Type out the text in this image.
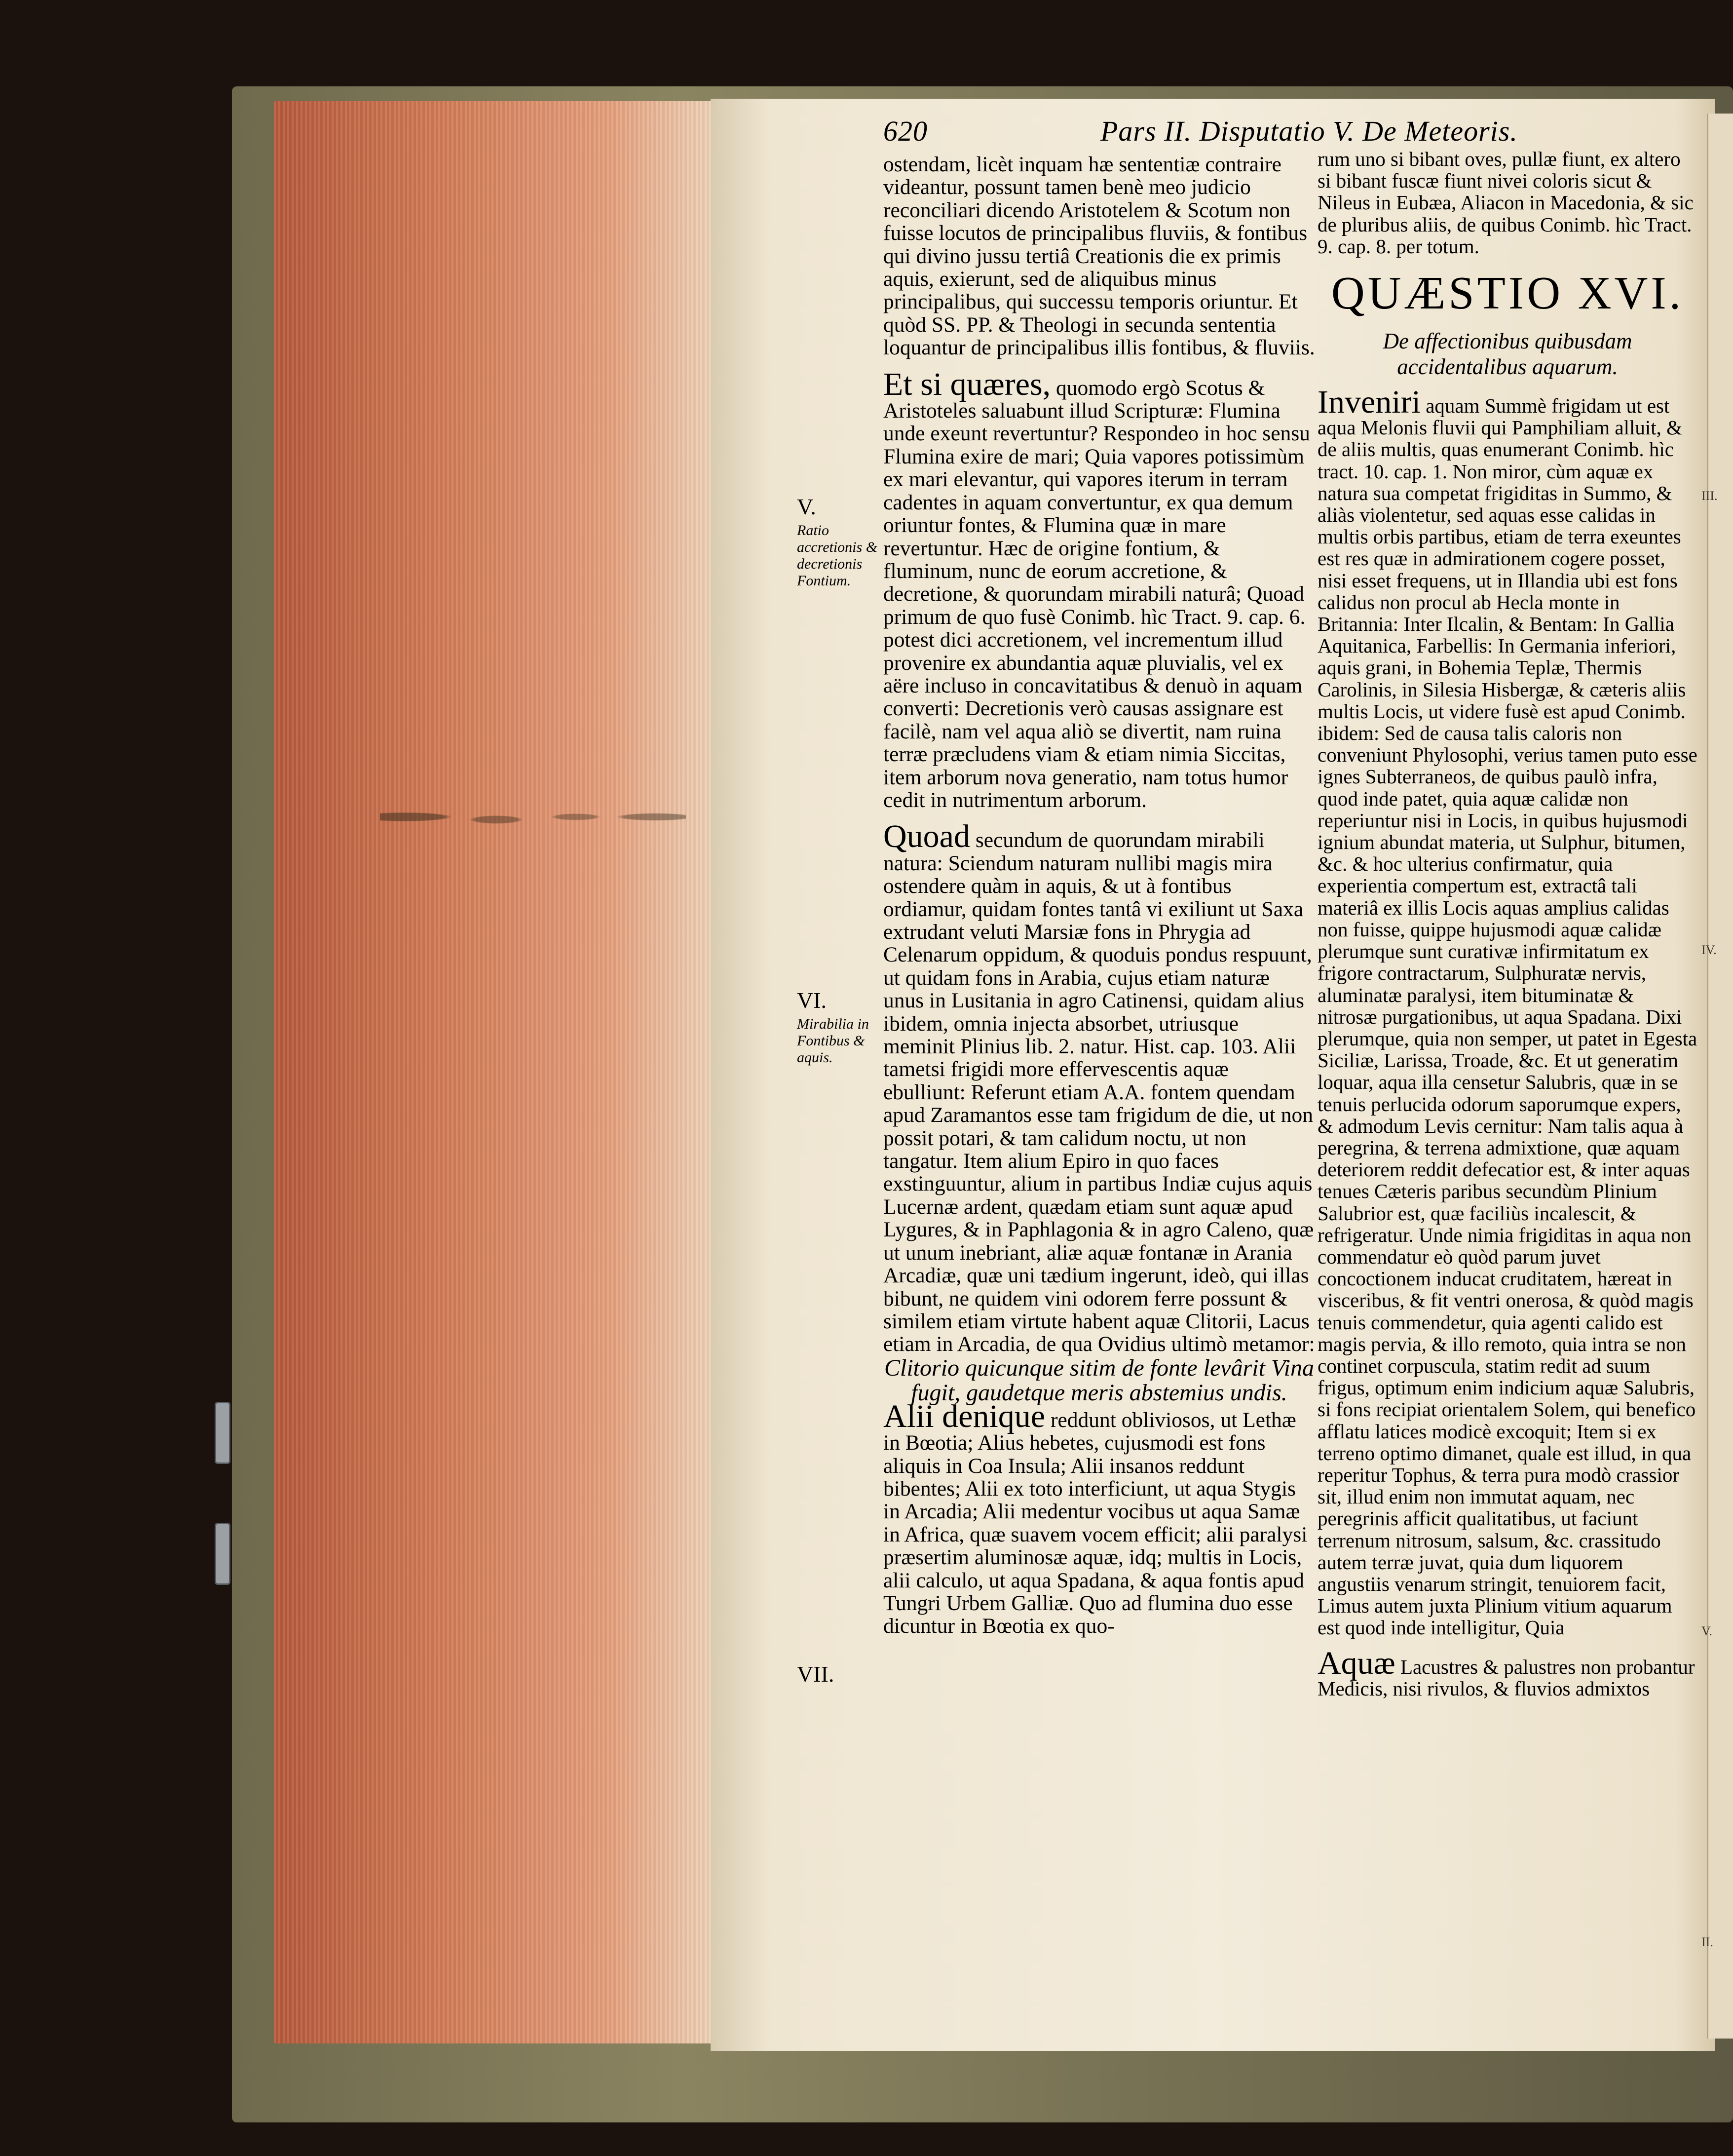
620	Pars II. Disputatio V. De Meteoris.
V.
Ratio accretionis & decretionis Fontium.
VI.
Mirabilia in Fontibus & aquis.
VII.
III.
IV.
V.
II.

ostendam, licèt inquam hæ sententiæ contraire videantur, possunt tamen benè meo judicio reconciliari dicendo Aristotelem & Scotum non fuisse locutos de principalibus fluviis, & fontibus qui divino jussu tertiâ Creationis die ex primis aquis, exierunt, sed de aliquibus minus principalibus, qui successu temporis oriuntur. Et quòd SS. PP. & Theologi in secunda sententia loquantur de principalibus illis fontibus, & fluviis.

Et si quæres, quomodo ergò Scotus & Aristoteles saluabunt illud Scripturæ: Flumina unde exeunt revertuntur? Respondeo in hoc sensu Flumina exire de mari; Quia vapores potissimùm ex mari elevantur, qui vapores iterum in terram cadentes in aquam convertuntur, ex qua demum oriuntur fontes, & Flumina quæ in mare revertuntur. Hæc de origine fontium, & fluminum, nunc de eorum accretione, & decretione, & quorundam mirabili naturâ; Quoad primum de quo fusè Conimb. hìc Tract. 9. cap. 6. potest dici accretionem, vel incrementum illud provenire ex abundantia aquæ pluvialis, vel ex aëre incluso in concavitatibus & denuò in aquam converti: Decretionis verò causas assignare est facilè, nam vel aqua aliò se divertit, nam ruina terræ præcludens viam & etiam nimia Siccitas, item arborum nova generatio, nam totus humor cedit in nutrimentum arborum.

Quoad secundum de quorundam mirabili natura: Sciendum naturam nullibi magis mira ostendere quàm in aquis, & ut à fontibus ordiamur, quidam fontes tantâ vi exiliunt ut Saxa extrudant veluti Marsiæ fons in Phrygia ad Celenarum oppidum, & quoduis pondus respuunt, ut quidam fons in Arabia, cujus etiam naturæ unus in Lusitania in agro Catinensi, quidam alius ibidem, omnia injecta absorbet, utriusque meminit Plinius lib. 2. natur. Hist. cap. 103. Alii tametsi frigidi more effervescentis aquæ ebulliunt: Referunt etiam A.A. fontem quendam apud Zaramantos esse tam frigidum de die, ut non possit potari, & tam calidum noctu, ut non tangatur. Item alium Epiro in quo faces exstinguuntur, alium in partibus Indiæ cujus aquis Lucernæ ardent, quædam etiam sunt aquæ apud Lygures, & in Paphlagonia & in agro Caleno, quæ ut unum inebriant, aliæ aquæ fontanæ in Arania Arcadiæ, quæ uni tædium ingerunt, ideò, qui illas bibunt, ne quidem vini odorem ferre possunt & similem etiam virtute habent aquæ Clitorii, Lacus etiam in Arcadia, de qua Ovidius ultimò metamor:

Clitorio quicunque sitim de fonte levârit Vina fugit, gaudetque meris abstemius undis.

Alii denique reddunt obliviosos, ut Lethæ in Bœotia; Alius hebetes, cujusmodi est fons aliquis in Coa Insula; Alii insanos reddunt bibentes; Alii ex toto interficiunt, ut aqua Stygis in Arcadia; Alii medentur vocibus ut aqua Samæ in Africa, quæ suavem vocem efficit; alii paralysi præsertim aluminosæ aquæ, idq; multis in Locis, alii calculo, ut aqua Spadana, & aqua fontis apud Tungri Urbem Galliæ. Quo ad flumina duo esse dicuntur in Bœotia ex quo-

rum uno si bibant oves, pullæ fiunt, ex altero si bibant fuscæ fiunt nivei coloris sicut & Nileus in Eubæa, Aliacon in Macedonia, & sic de pluribus aliis, de quibus Conimb. hìc Tract. 9. cap. 8. per totum.

QUÆSTIO XVI.
De affectionibus quibusdam accidentalibus aquarum.

Inveniri aquam Summè frigidam ut est aqua Melonis fluvii qui Pamphiliam alluit, & de aliis multis, quas enumerant Conimb. hìc tract. 10. cap. 1. Non miror, cùm aquæ ex natura sua competat frigiditas in Summo, & aliàs violentetur, sed aquas esse calidas in multis orbis partibus, etiam de terra exeuntes est res quæ in admirationem cogere posset, nisi esset frequens, ut in Illandia ubi est fons calidus non procul ab Hecla monte in Britannia: Inter Ilcalin, & Bentam: In Gallia Aquitanica, Farbellis: In Germania inferiori, aquis grani, in Bohemia Teplæ, Thermis Carolinis, in Silesia Hisbergæ, & cæteris aliis multis Locis, ut videre fusè est apud Conimb. ibidem: Sed de causa talis caloris non conveniunt Phylosophi, verius tamen puto esse ignes Subterraneos, de quibus paulò infra, quod inde patet, quia aquæ calidæ non reperiuntur nisi in Locis, in quibus hujusmodi ignium abundat materia, ut Sulphur, bitumen, &c. & hoc ulterius confirmatur, quia experientia compertum est, extractâ tali materiâ ex illis Locis aquas amplius calidas non fuisse, quippe hujusmodi aquæ calidæ plerumque sunt curativæ infirmitatum ex frigore contractarum, Sulphuratæ nervis, aluminatæ paralysi, item bituminatæ & nitrosæ purgationibus, ut aqua Spadana. Dixi plerumque, quia non semper, ut patet in Egesta Siciliæ, Larissa, Troade, &c. Et ut generatim loquar, aqua illa censetur Salubris, quæ in se tenuis perlucida odorum saporumque expers, & admodum Levis cernitur: Nam talis aqua à peregrina, & terrena admixtione, quæ aquam deteriorem reddit defecatior est, & inter aquas tenues Cæteris paribus secundùm Plinium Salubrior est, quæ faciliùs incalescit, & refrigeratur. Unde nimia frigiditas in aqua non commendatur eò quòd parum juvet concoctionem inducat cruditatem, hæreat in visceribus, & fit ventri onerosa, & quòd magis tenuis commendetur, quia agenti calido est magis pervia, & illo remoto, quia intra se non continet corpuscula, statim redit ad suum frigus, optimum enim indicium aquæ Salubris, si fons recipiat orientalem Solem, qui benefico afflatu latices modicè excoquit; Item si ex terreno optimo dimanet, quale est illud, in qua reperitur Tophus, & terra pura modò crassior sit, illud enim non immutat aquam, nec peregrinis afficit qualitatibus, ut faciunt terrenum nitrosum, salsum, &c. crassitudo autem terræ juvat, quia dum liquorem angustiis venarum stringit, tenuiorem facit, Limus autem juxta Plinium vitium aquarum est quod inde intelligitur, Quia

Aquæ Lacustres & palustres non probantur Medicis, nisi rivulos, & fluvios admixtos
